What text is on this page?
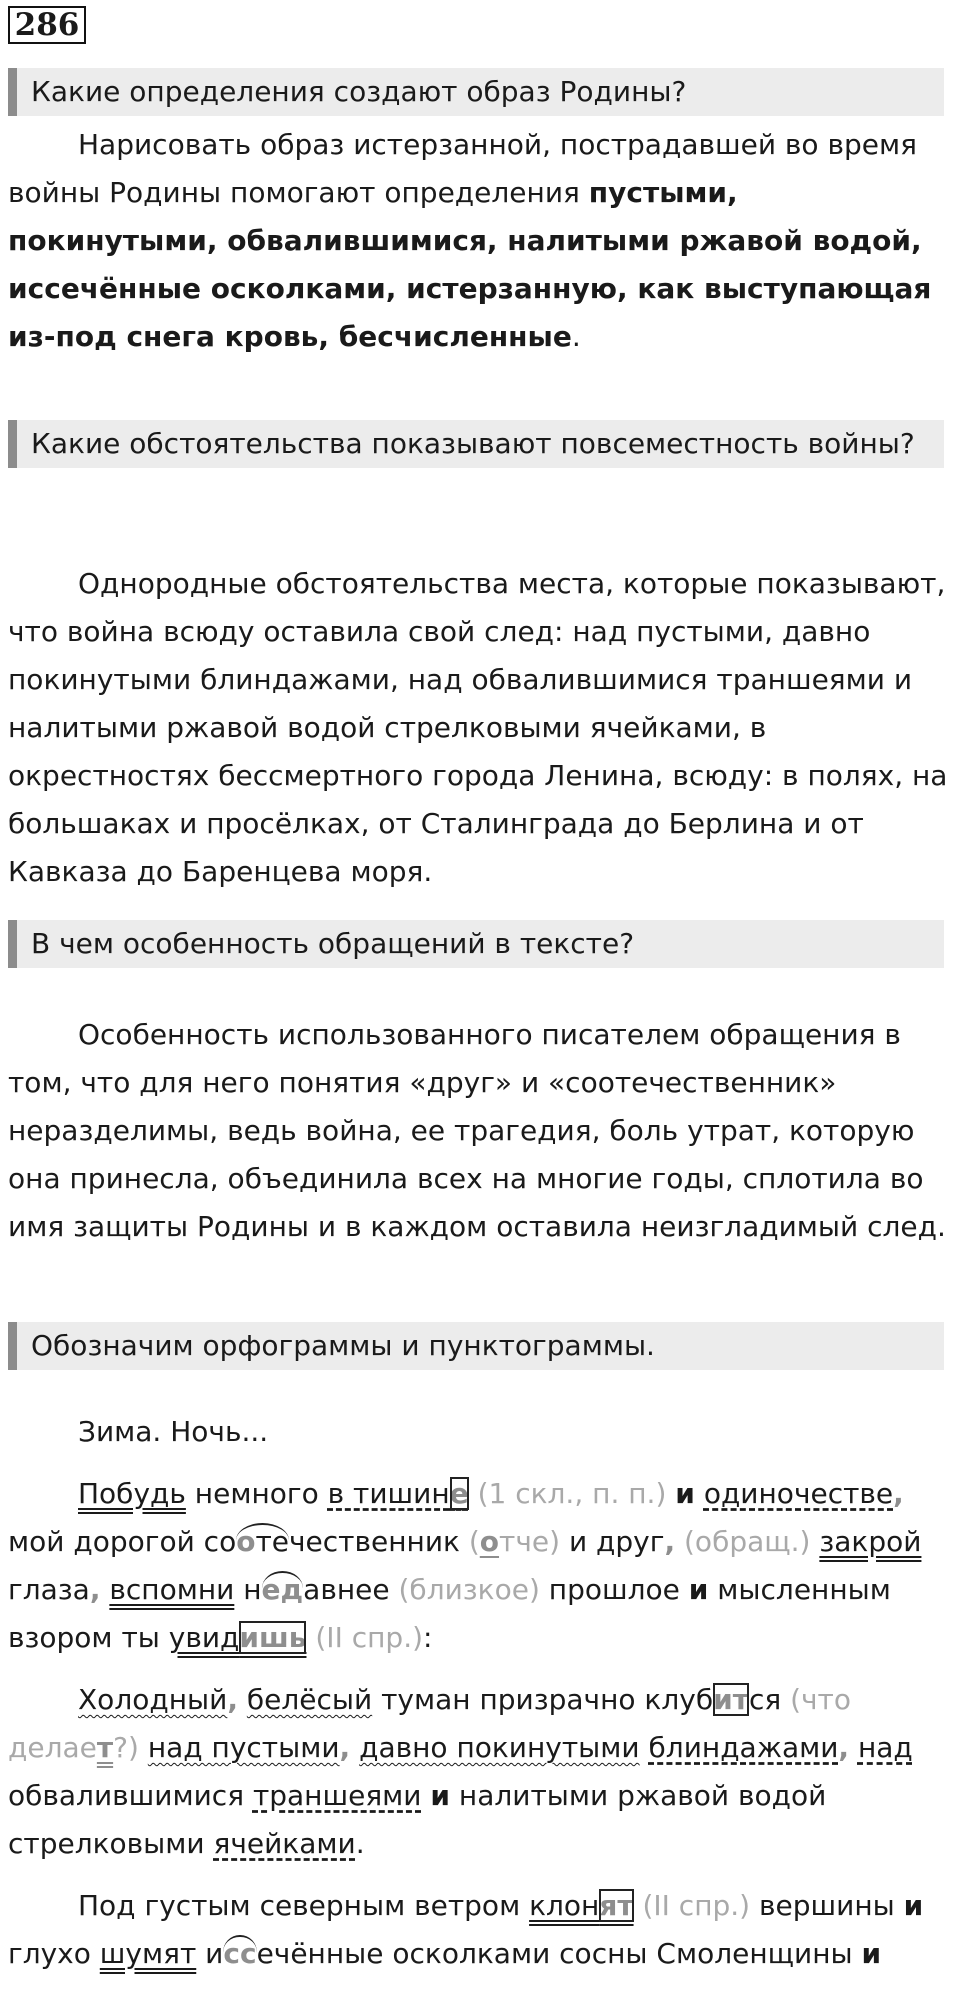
286
Какие определения создают образ Родины?

Нарисовать образ истерзанной, пострадавшей во время войны Родины помогают определения пустыми, покинутыми, обвалившимися, налитыми ржавой водой, иссечённые осколками, истерзанную, как выступающая из-под снега кровь, бесчисленные.

Какие обстоятельства показывают повсеместность войны?

Однородные обстоятельства места, которые показывают, что война всюду оставила свой след: над пустыми, давно покинутыми блиндажами, над обвалившимися траншеями и налитыми ржавой водой стрелковыми ячейками, в окрестностях бессмертного города Ленина, всюду: в полях, на большаках и просёлках, от Сталинграда до Берлина и от Кавказа до Баренцева моря.

В чем особенность обращений в тексте?

Особенность использованного писателем обращения в том, что для него понятия «друг» и «соотечественник» неразделимы, ведь война, ее трагедия, боль утрат, которую она принесла, объединила всех на многие годы, сплотила во имя защиты Родины и в каждом оставила неизгладимый след.

Обозначим орфограммы и пунктограммы.

Зима. Ночь...

Побудь немного в тишине (1 скл., п. п.) и одиночестве, мой дорогой соотечественник (отче) и друг, (обращ.) закрой глаза, вспомни недавнее (близкое) прошлое и мысленным взором ты увидишь (II спр.):

Холодный, белёсый туман призрачно клубится (что делает?) над пустыми, давно покинутыми блиндажами, над обвалившимися траншеями и налитыми ржавой водой стрелковыми ячейками.

Под густым северным ветром клонят (II спр.) вершины и глухо шумят иссечённые осколками сосны Смоленщины и
